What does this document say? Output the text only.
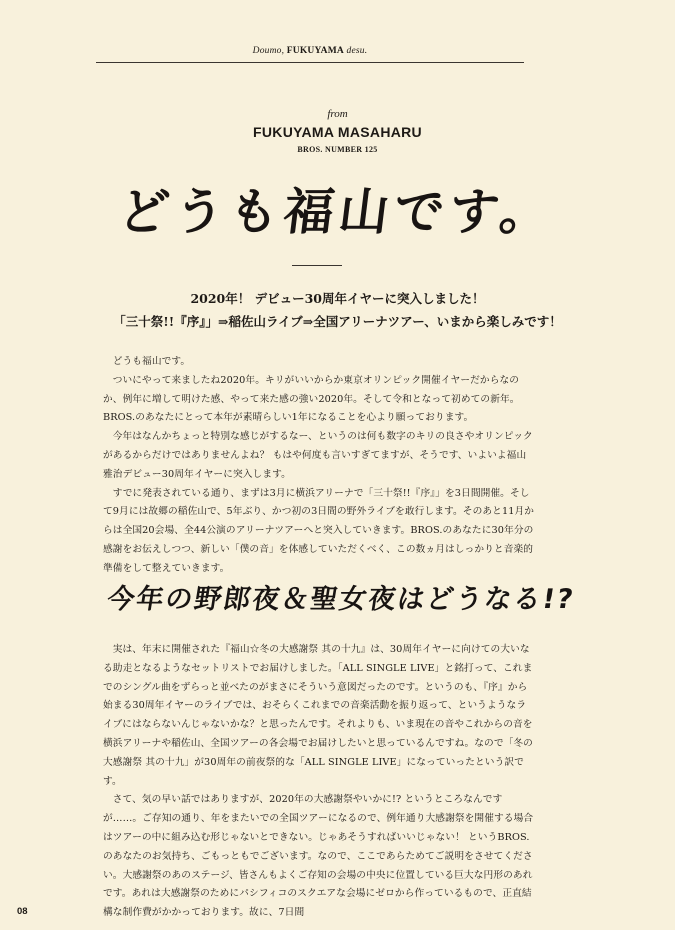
Doumo, FUKUYAMA desu.
from
FUKUYAMA MASAHARU
BROS. NUMBER 125
どうも福山です。
2020年！ デビュー30周年イヤーに突入しました！
「三十祭!!『序』」⇒稲佐山ライブ⇒全国アリーナツアー、いまから楽しみです！

どうも福山です。

ついにやって来ましたね2020年。キリがいいからか東京オリンピック開催イヤーだからなのか、例年に増して明けた感、やって来た感の強い2020年。そして令和となって初めての新年。BROS.のあなたにとって本年が素晴らしい1年になることを心より願っております。

今年はなんかちょっと特別な感じがするなー、というのは何も数字のキリの良さやオリンピックがあるからだけではありませんよね？ もはや何度も言いすぎてますが、そうです、いよいよ福山雅治デビュー30周年イヤーに突入します。

すでに発表されている通り、まずは3月に横浜アリーナで「三十祭!!『序』」を3日間開催。そして9月には故郷の稲佐山で、5年ぶり、かつ初の3日間の野外ライブを敢行します。そのあと11月からは全国20会場、全44公演のアリーナツアーへと突入していきます。BROS.のあなたに30年分の感謝をお伝えしつつ、新しい「僕の音」を体感していただくべく、この数ヵ月はしっかりと音楽的準備をして整えていきます。

今年の野郎夜＆聖女夜はどうなる!?

実は、年末に開催された『福山☆冬の大感謝祭 其の十九』は、30周年イヤーに向けての大いなる助走となるようなセットリストでお届けしました。「ALL SINGLE LIVE」と銘打って、これまでのシングル曲をずらっと並べたのがまさにそういう意図だったのです。というのも、『序』から始まる30周年イヤーのライブでは、おそらくこれまでの音楽活動を振り返って、というようなライブにはならないんじゃないかな？と思ったんです。それよりも、いま現在の音やこれからの音を横浜アリーナや稲佐山、全国ツアーの各会場でお届けしたいと思っているんですね。なので「冬の大感謝祭 其の十九」が30周年の前夜祭的な「ALL SINGLE LIVE」になっていったという訳です。

さて、気の早い話ではありますが、2020年の大感謝祭やいかに!? というところなんですが……。ご存知の通り、年をまたいでの全国ツアーになるので、例年通り大感謝祭を開催する場合はツアーの中に組み込む形じゃないとできない。じゃあそうすればいいじゃない！ というBROS.のあなたのお気持ち、ごもっともでございます。なので、ここであらためてご説明をさせてください。大感謝祭のあのステージ、皆さんもよくご存知の会場の中央に位置している巨大な円形のあれです。あれは大感謝祭のためにパシフィコのスクエアな会場にゼロから作っているもので、正直結構な制作費がかかっております。故に、7日間

08
